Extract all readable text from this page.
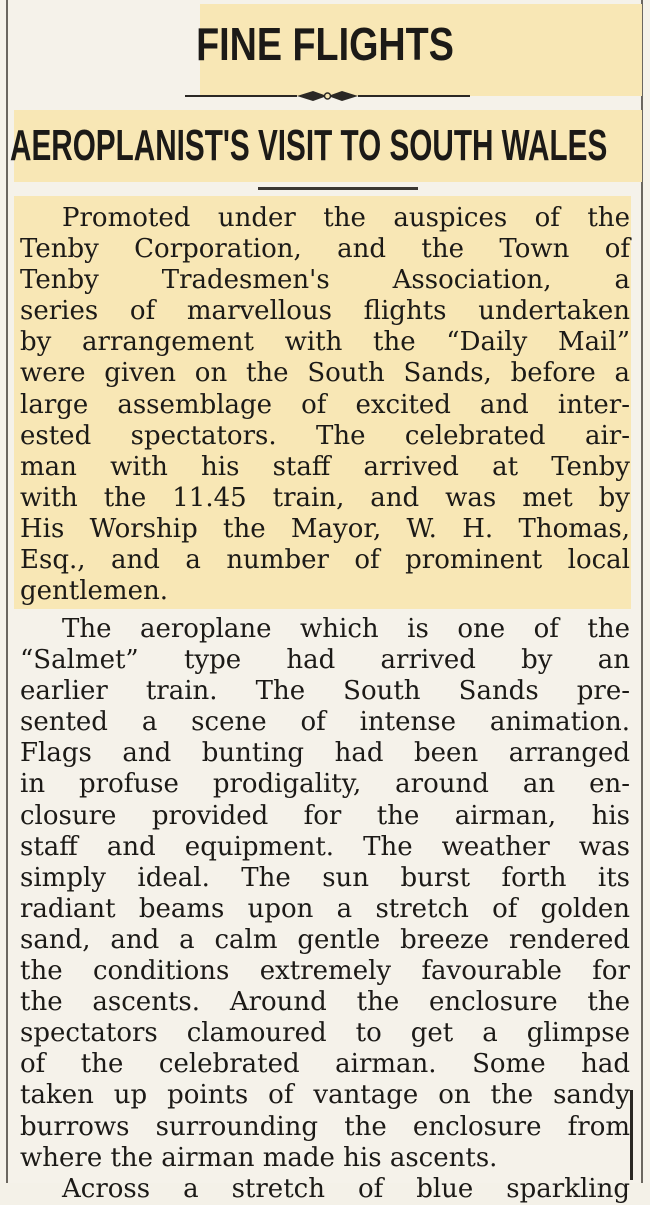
FINE FLIGHTS
AEROPLANIST'S VISIT TO SOUTH WALES
Promoted under the auspices of the
Tenby Corporation, and the Town of
Tenby Tradesmen's Association, a
series of marvellous flights undertaken
by arrangement with the “Daily Mail”
were given on the South Sands, before a
large assemblage of excited and inter-
ested spectators. The celebrated air-
man with his staff arrived at Tenby
with the 11.45 train, and was met by
His Worship the Mayor, W. H. Thomas,
Esq., and a number of prominent local
gentlemen.
The aeroplane which is one of the
“Salmet” type had arrived by an
earlier train. The South Sands pre-
sented a scene of intense animation.
Flags and bunting had been arranged
in profuse prodigality, around an en-
closure provided for the airman, his
staff and equipment. The weather was
simply ideal. The sun burst forth its
radiant beams upon a stretch of golden
sand, and a calm gentle breeze rendered
the conditions extremely favourable for
the ascents. Around the enclosure the
spectators clamoured to get a glimpse
of the celebrated airman. Some had
taken up points of vantage on the sandy
burrows surrounding the enclosure from
where the airman made his ascents.
Across a stretch of blue sparkling
